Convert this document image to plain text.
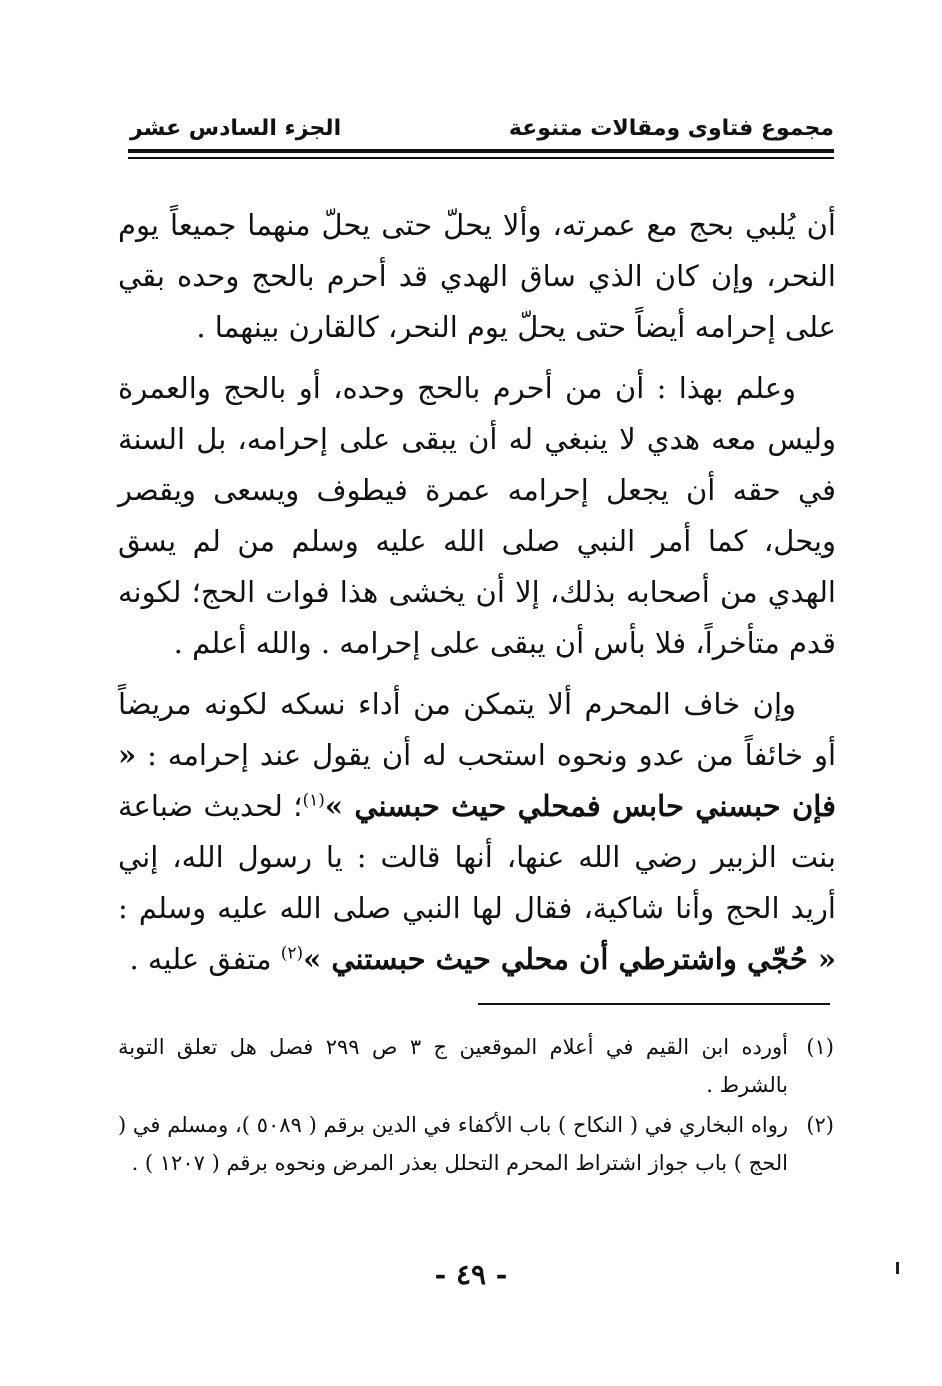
مجموع فتاوى ومقالات متنوعة
الجزء السادس عشر

أن يُلبي بحج مع عمرته، وألا يحلّ حتى يحلّ منهما جميعاً يوم النحر، وإن كان الذي ساق الهدي قد أحرم بالحج وحده بقي على إحرامه أيضاً حتى يحلّ يوم النحر، كالقارن بينهما .

وعلم بهذا : أن من أحرم بالحج وحده، أو بالحج والعمرة وليس معه هدي لا ينبغي له أن يبقى على إحرامه، بل السنة في حقه أن يجعل إحرامه عمرة فيطوف ويسعى ويقصر ويحل، كما أمر النبي صلى الله عليه وسلم من لم يسق الهدي من أصحابه بذلك، إلا أن يخشى هذا فوات الحج؛ لكونه قدم متأخراً، فلا بأس أن يبقى على إحرامه . والله أعلم .

وإن خاف المحرم ألا يتمكن من أداء نسكه لكونه مريضاً أو خائفاً من عدو ونحوه استحب له أن يقول عند إحرامه : « فإن حبسني حابس فمحلي حيث حبسني »$^{(١)}$؛ لحديث ضباعة بنت الزبير رضي الله عنها، أنها قالت : يا رسول الله، إني أريد الحج وأنا شاكية، فقال لها النبي صلى الله عليه وسلم : « حُجّي واشترطي أن محلي حيث حبستني »$^{(٢)}$ متفق عليه .

(١)
أورده ابن القيم في أعلام الموقعين ج ٣ ص ٢٩٩ فصل هل تعلق التوبة بالشرط .
(٢)
رواه البخاري في ( النكاح ) باب الأكفاء في الدين برقم ( ٥٠٨٩ )، ومسلم في ( الحج ) باب جواز اشتراط المحرم التحلل بعذر المرض ونحوه برقم ( ١٢٠٧ ) .
- ٤٩ -
